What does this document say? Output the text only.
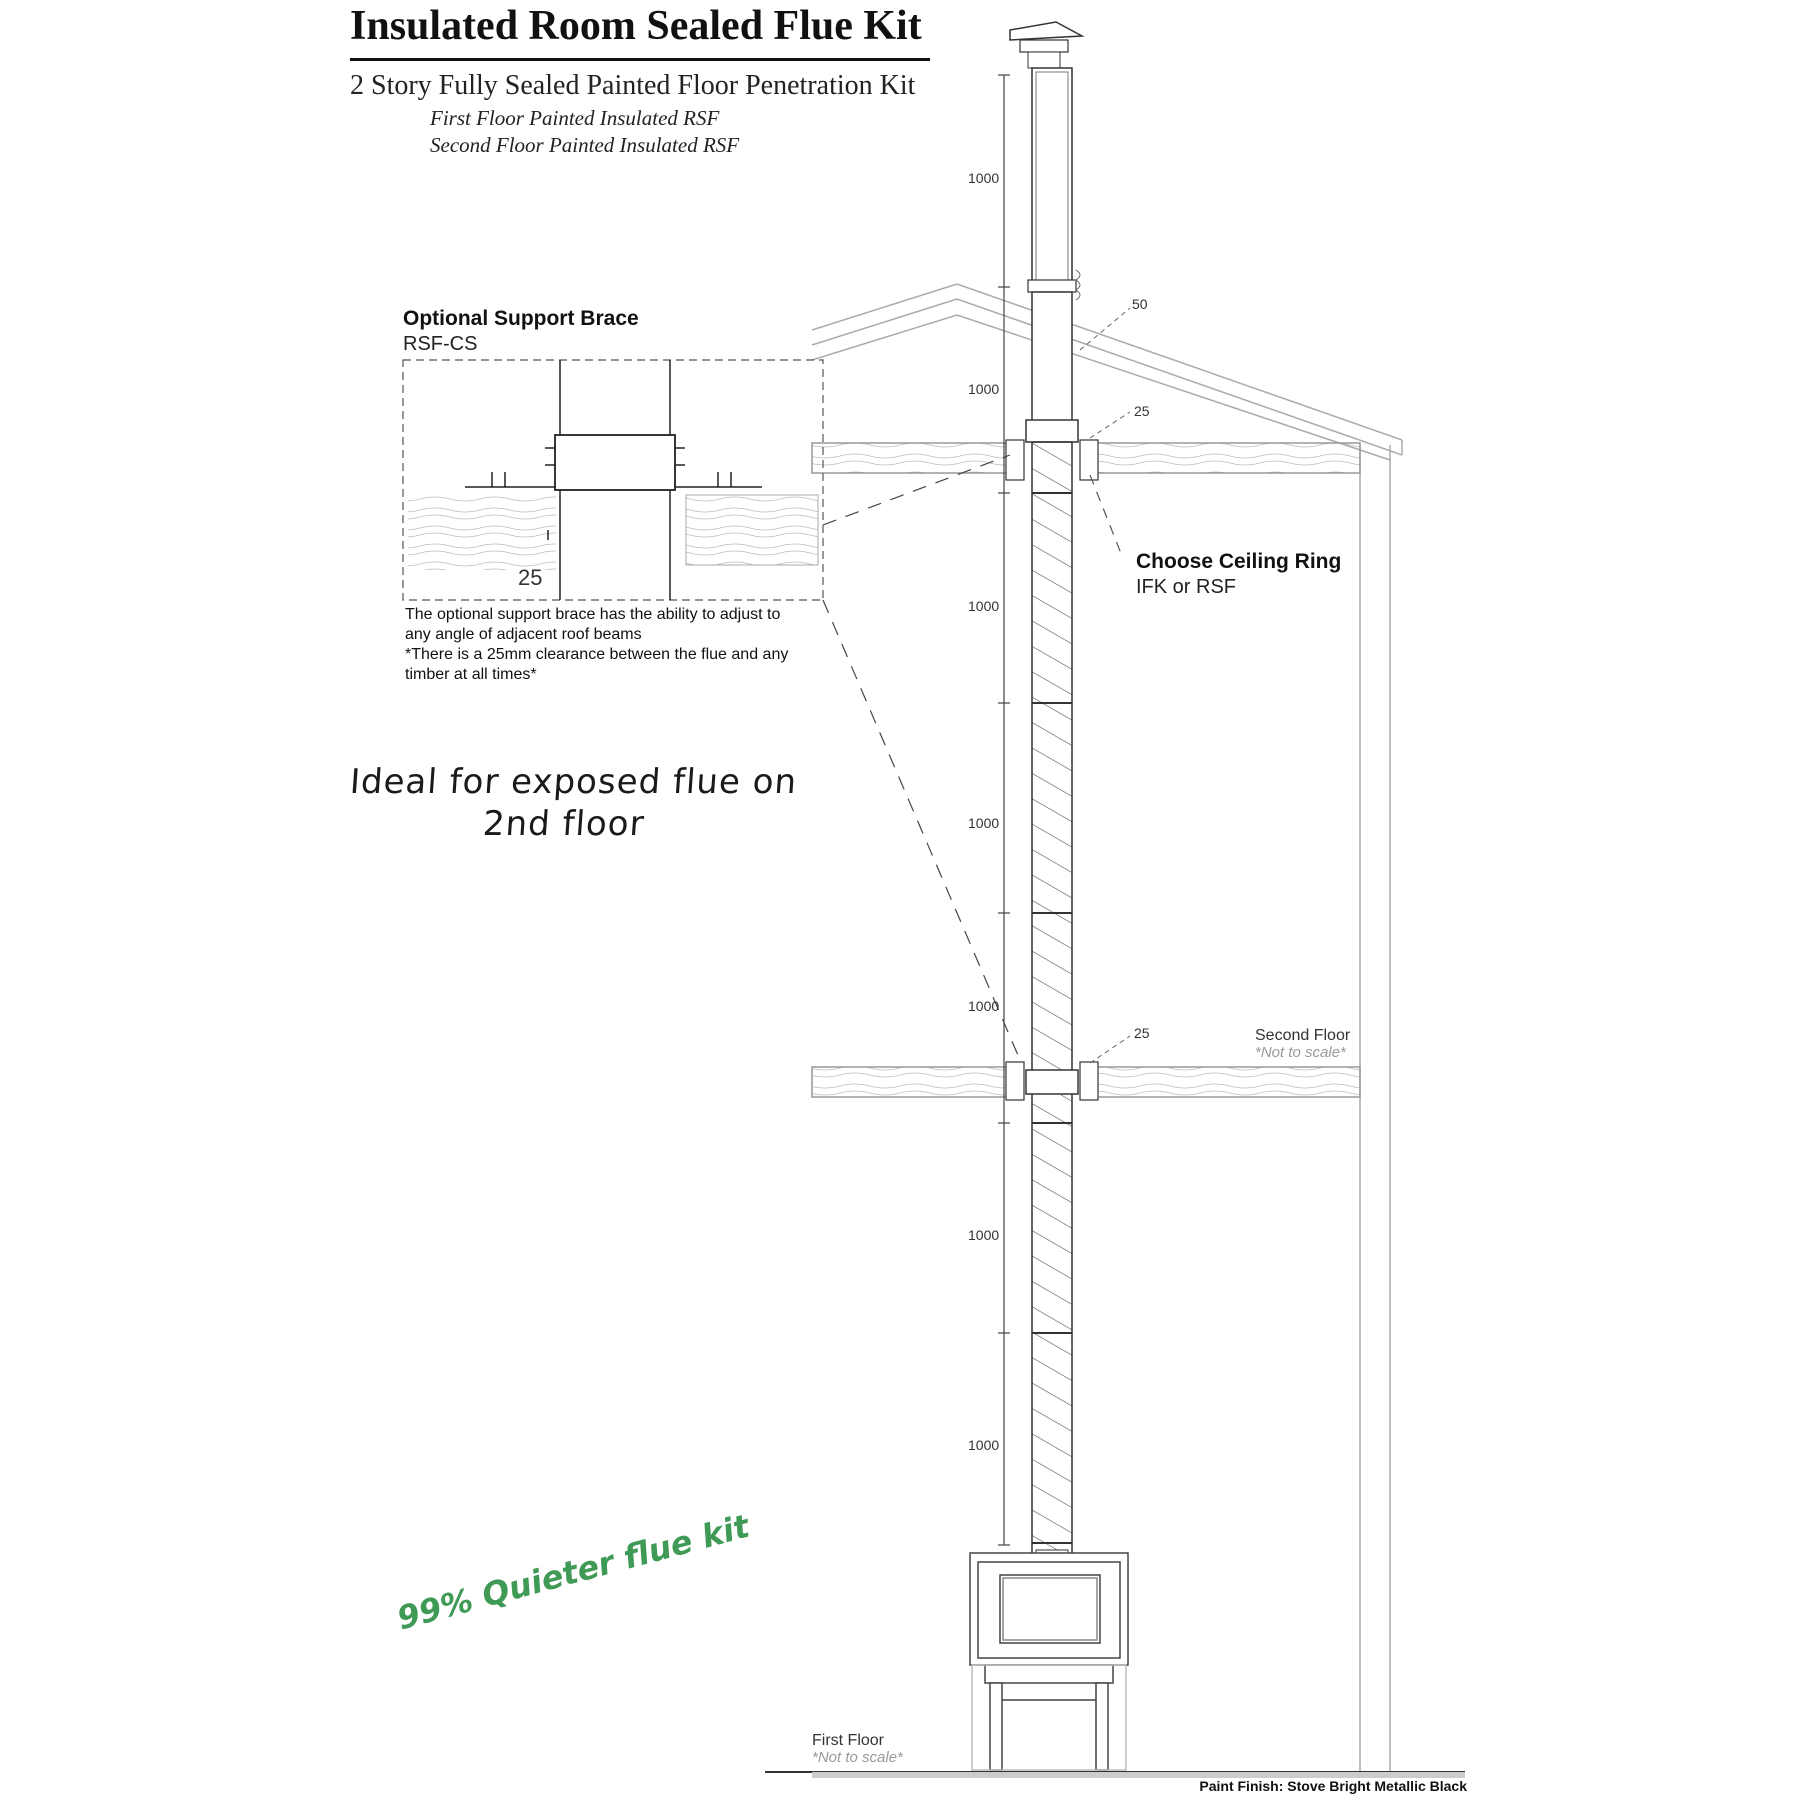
Insulated Room Sealed Flue Kit
2 Story Fully Sealed Painted Floor Penetration Kit
First Floor Painted Insulated RSF
Second Floor Painted Insulated RSF
Optional Support Brace
RSF-CS
25
The optional support brace has the ability to adjust to
any angle of adjacent roof beams
*There is a 25mm clearance between the flue and any
timber at all times*
1000
1000
1000
1000
1000
1000
1000
50
25
25
Choose Ceiling Ring
IFK or RSF
Second Floor
*Not to scale*
First Floor
*Not to scale*
Ideal for exposed flue on
2nd floor
99% Quieter flue kit
Paint Finish: Stove Bright Metallic Black
